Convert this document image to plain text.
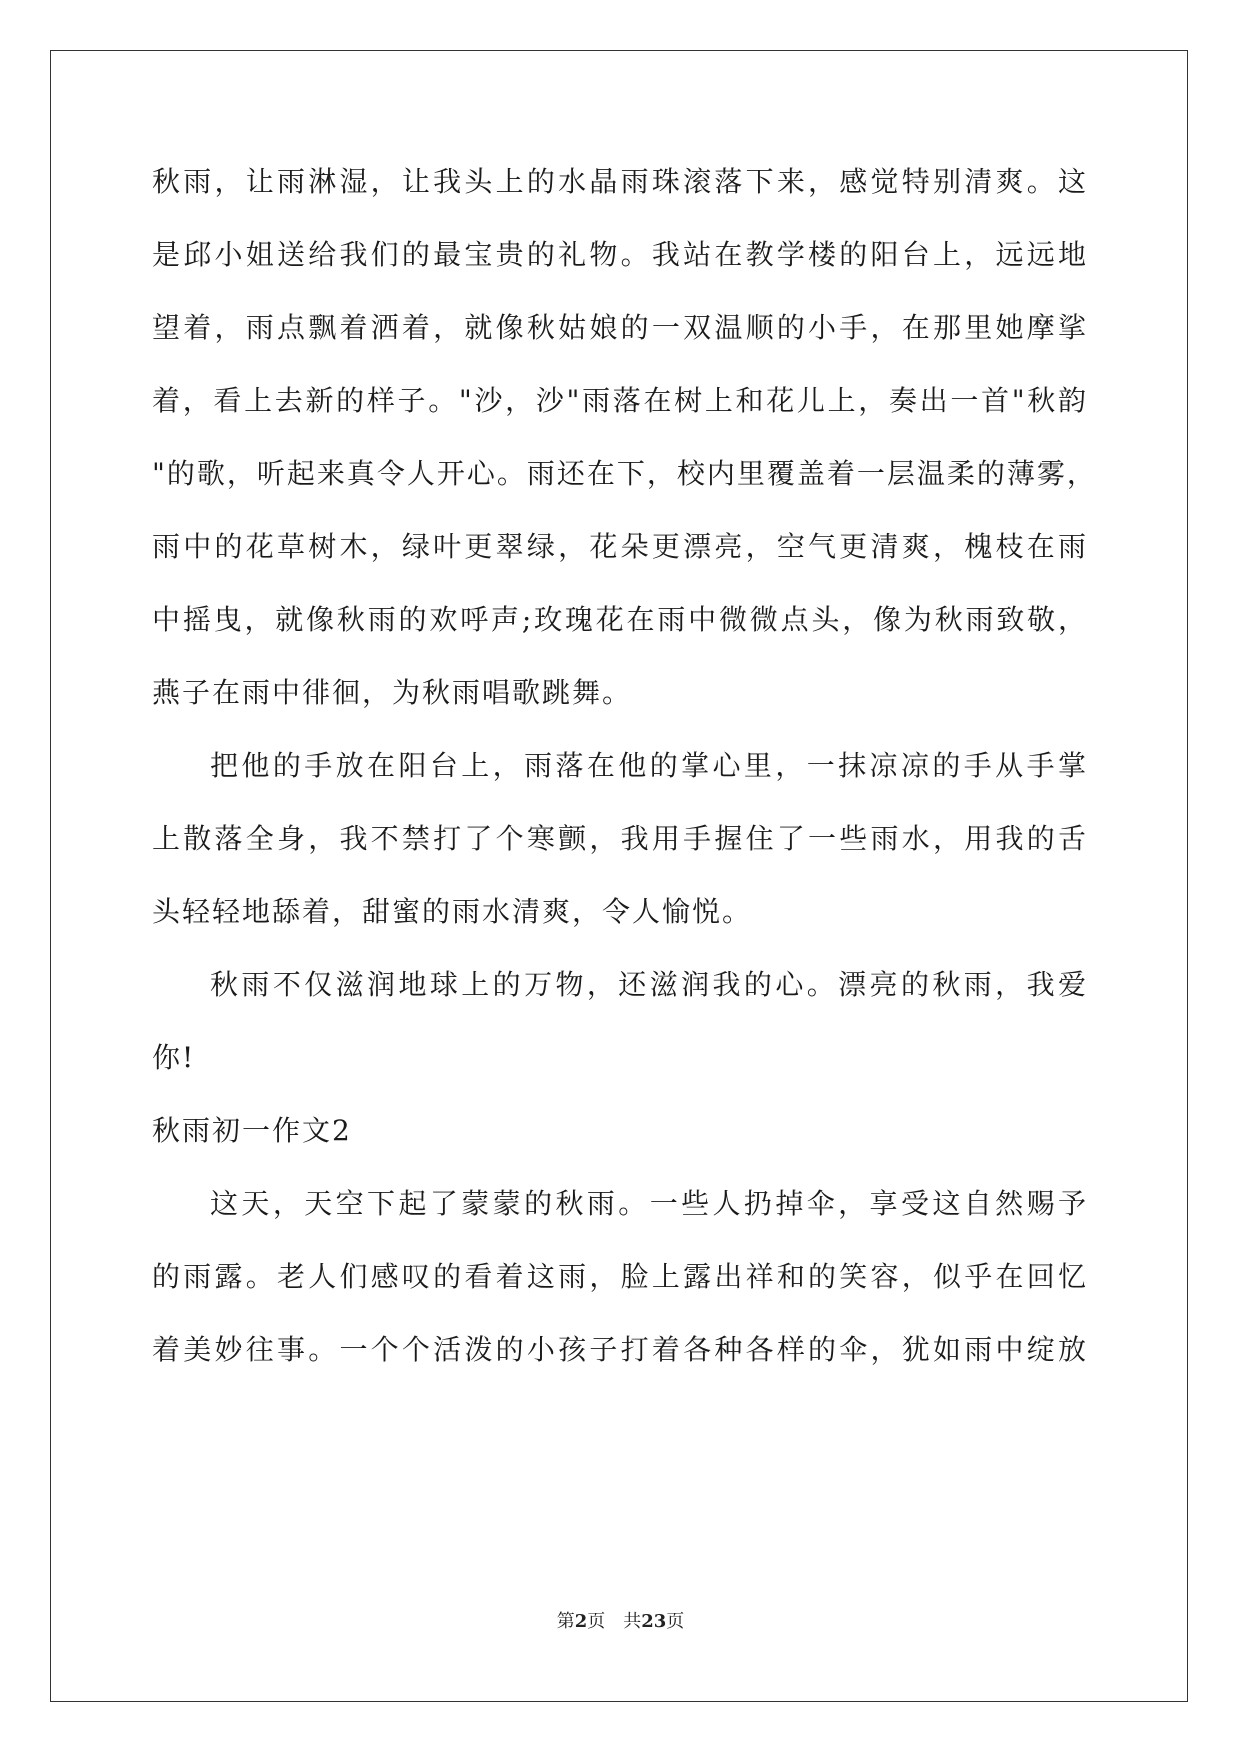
秋雨，让雨淋湿，让我头上的水晶雨珠滚落下来，感觉特别清爽。这
是邱小姐送给我们的最宝贵的礼物。我站在教学楼的阳台上，远远地
望着，雨点飘着洒着，就像秋姑娘的一双温顺的小手，在那里她摩挲
着，看上去新的样子。"沙，沙"雨落在树上和花儿上，奏出一首"秋韵
"的歌，听起来真令人开心。雨还在下，校内里覆盖着一层温柔的薄雾，
雨中的花草树木，绿叶更翠绿，花朵更漂亮，空气更清爽，槐枝在雨
中摇曳，就像秋雨的欢呼声;玫瑰花在雨中微微点头，像为秋雨致敬，
燕子在雨中徘徊，为秋雨唱歌跳舞。
把他的手放在阳台上，雨落在他的掌心里，一抹凉凉的手从手掌
上散落全身，我不禁打了个寒颤，我用手握住了一些雨水，用我的舌
头轻轻地舔着，甜蜜的雨水清爽，令人愉悦。
秋雨不仅滋润地球上的万物，还滋润我的心。漂亮的秋雨，我爱
你!
秋雨初一作文2
这天，天空下起了蒙蒙的秋雨。一些人扔掉伞，享受这自然赐予
的雨露。老人们感叹的看着这雨，脸上露出祥和的笑容，似乎在回忆
着美妙往事。一个个活泼的小孩子打着各种各样的伞，犹如雨中绽放
第2页　共23页
